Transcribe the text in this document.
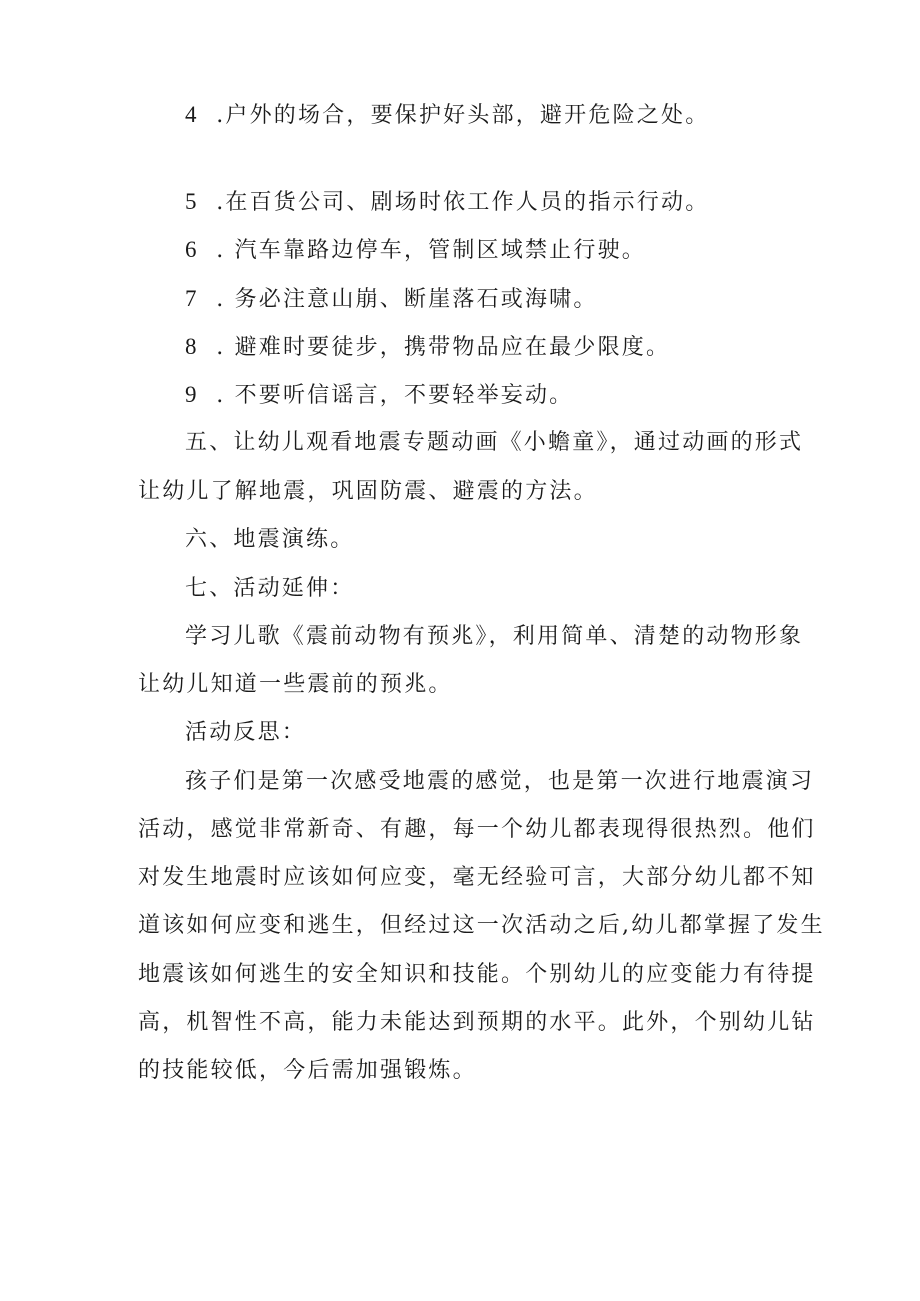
4 .户外的场合，要保护好头部，避开危险之处。
5 .在百货公司、剧场时依工作人员的指示行动。
6 . 汽车靠路边停车，管制区域禁止行驶。
7 . 务必注意山崩、断崖落石或海啸。
8 . 避难时要徒步，携带物品应在最少限度。
9 . 不要听信谣言，不要轻举妄动。
五、让幼儿观看地震专题动画《小蟾童》，通过动画的形式
让幼儿了解地震，巩固防震、避震的方法。
六、地震演练。
七、活动延伸：
学习儿歌《震前动物有预兆》，利用简单、清楚的动物形象
让幼儿知道一些震前的预兆。
活动反思：
孩子们是第一次感受地震的感觉，也是第一次进行地震演习
活动，感觉非常新奇、有趣，每一个幼儿都表现得很热烈。他们
对发生地震时应该如何应变，毫无经验可言，大部分幼儿都不知
道该如何应变和逃生，但经过这一次活动之后,幼儿都掌握了发生
地震该如何逃生的安全知识和技能。个别幼儿的应变能力有待提
高，机智性不高，能力未能达到预期的水平。此外，个别幼儿钻
的技能较低，今后需加强锻炼。
